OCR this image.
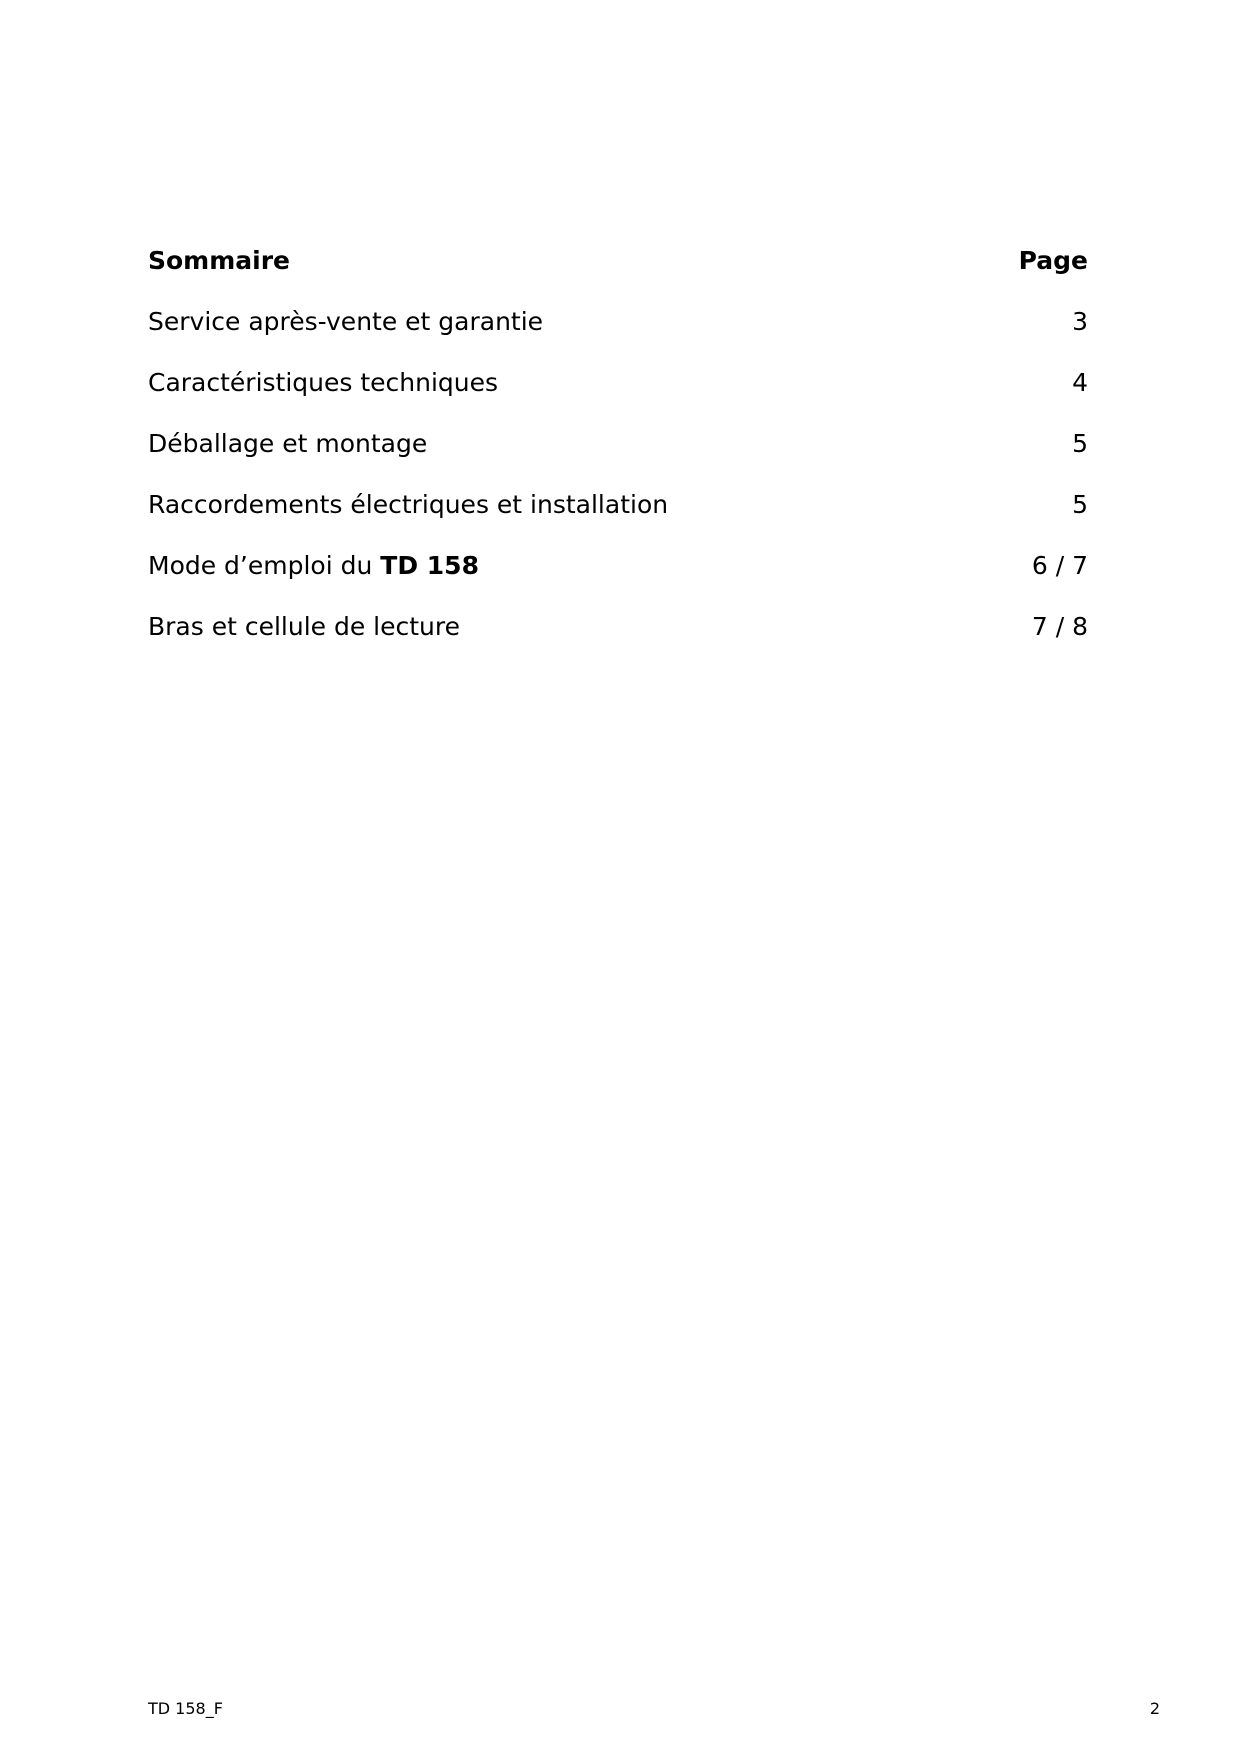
Sommaire	Page
Service après-vente et garantie	3
Caractéristiques techniques	4
Déballage et montage	5
Raccordements électriques et installation	5
Mode d’emploi du TD 158	6 / 7
Bras et cellule de lecture	7 / 8
TD 158_F	2
